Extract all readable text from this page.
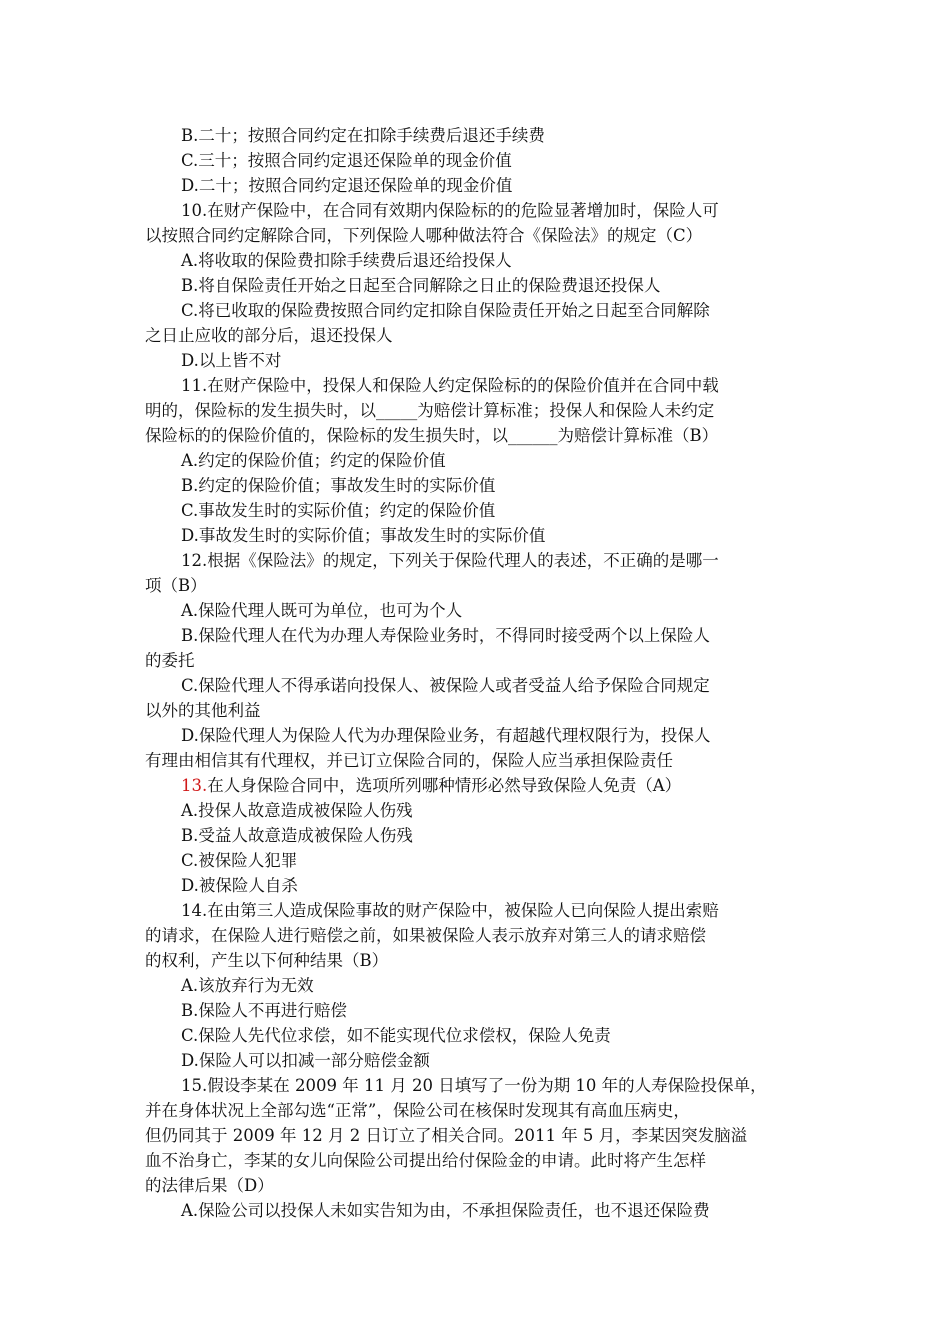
B.二十；按照合同约定在扣除手续费后退还手续费
C.三十；按照合同约定退还保险单的现金价值
D.二十；按照合同约定退还保险单的现金价值
10.在财产保险中，在合同有效期内保险标的的危险显著增加时，保险人可
以按照合同约定解除合同，下列保险人哪种做法符合《保险法》的规定（C）
A.将收取的保险费扣除手续费后退还给投保人
B.将自保险责任开始之日起至合同解除之日止的保险费退还投保人
C.将已收取的保险费按照合同约定扣除自保险责任开始之日起至合同解除
之日止应收的部分后，退还投保人
D.以上皆不对
11.在财产保险中，投保人和保险人约定保险标的的保险价值并在合同中载
明的，保险标的发生损失时，以_____为赔偿计算标准；投保人和保险人未约定
保险标的的保险价值的，保险标的发生损失时，以______为赔偿计算标准（B）
A.约定的保险价值；约定的保险价值
B.约定的保险价值；事故发生时的实际价值
C.事故发生时的实际价值；约定的保险价值
D.事故发生时的实际价值；事故发生时的实际价值
12.根据《保险法》的规定，下列关于保险代理人的表述，不正确的是哪一
项（B）
A.保险代理人既可为单位，也可为个人
B.保险代理人在代为办理人寿保险业务时，不得同时接受两个以上保险人
的委托
C.保险代理人不得承诺向投保人、被保险人或者受益人给予保险合同规定
以外的其他利益
D.保险代理人为保险人代为办理保险业务，有超越代理权限行为，投保人
有理由相信其有代理权，并已订立保险合同的，保险人应当承担保险责任
13.在人身保险合同中，选项所列哪种情形必然导致保险人免责（A）
A.投保人故意造成被保险人伤残
B.受益人故意造成被保险人伤残
C.被保险人犯罪
D.被保险人自杀
14.在由第三人造成保险事故的财产保险中，被保险人已向保险人提出索赔
的请求，在保险人进行赔偿之前，如果被保险人表示放弃对第三人的请求赔偿
的权利，产生以下何种结果（B）
A.该放弃行为无效
B.保险人不再进行赔偿
C.保险人先代位求偿，如不能实现代位求偿权，保险人免责
D.保险人可以扣减一部分赔偿金额
15.假设李某在 2009 年 11 月 20 日填写了一份为期 10 年的人寿保险投保单，
并在身体状况上全部勾选“正常”，保险公司在核保时发现其有高血压病史，
但仍同其于 2009 年 12 月 2 日订立了相关合同。2011 年 5 月，李某因突发脑溢
血不治身亡，李某的女儿向保险公司提出给付保险金的申请。此时将产生怎样
的法律后果（D）
A.保险公司以投保人未如实告知为由，不承担保险责任，也不退还保险费
